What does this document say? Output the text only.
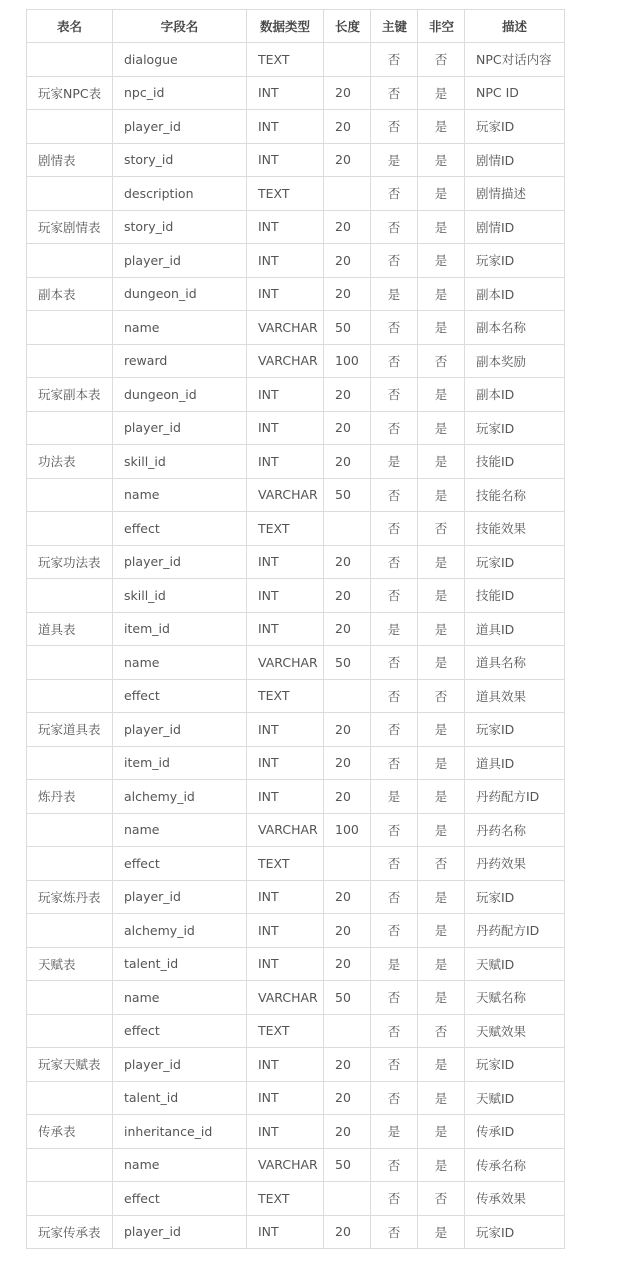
表名	字段名	数据类型	长度	主键	非空	描述
	dialogue	TEXT		否	否	NPC对话内容
玩家NPC表	npc_id	INT	20	否	是	NPC ID
	player_id	INT	20	否	是	玩家ID
剧情表	story_id	INT	20	是	是	剧情ID
	description	TEXT		否	是	剧情描述
玩家剧情表	story_id	INT	20	否	是	剧情ID
	player_id	INT	20	否	是	玩家ID
副本表	dungeon_id	INT	20	是	是	副本ID
	name	VARCHAR	50	否	是	副本名称
	reward	VARCHAR	100	否	否	副本奖励
玩家副本表	dungeon_id	INT	20	否	是	副本ID
	player_id	INT	20	否	是	玩家ID
功法表	skill_id	INT	20	是	是	技能ID
	name	VARCHAR	50	否	是	技能名称
	effect	TEXT		否	否	技能效果
玩家功法表	player_id	INT	20	否	是	玩家ID
	skill_id	INT	20	否	是	技能ID
道具表	item_id	INT	20	是	是	道具ID
	name	VARCHAR	50	否	是	道具名称
	effect	TEXT		否	否	道具效果
玩家道具表	player_id	INT	20	否	是	玩家ID
	item_id	INT	20	否	是	道具ID
炼丹表	alchemy_id	INT	20	是	是	丹药配方ID
	name	VARCHAR	100	否	是	丹药名称
	effect	TEXT		否	否	丹药效果
玩家炼丹表	player_id	INT	20	否	是	玩家ID
	alchemy_id	INT	20	否	是	丹药配方ID
天赋表	talent_id	INT	20	是	是	天赋ID
	name	VARCHAR	50	否	是	天赋名称
	effect	TEXT		否	否	天赋效果
玩家天赋表	player_id	INT	20	否	是	玩家ID
	talent_id	INT	20	否	是	天赋ID
传承表	inheritance_id	INT	20	是	是	传承ID
	name	VARCHAR	50	否	是	传承名称
	effect	TEXT		否	否	传承效果
玩家传承表	player_id	INT	20	否	是	玩家ID
